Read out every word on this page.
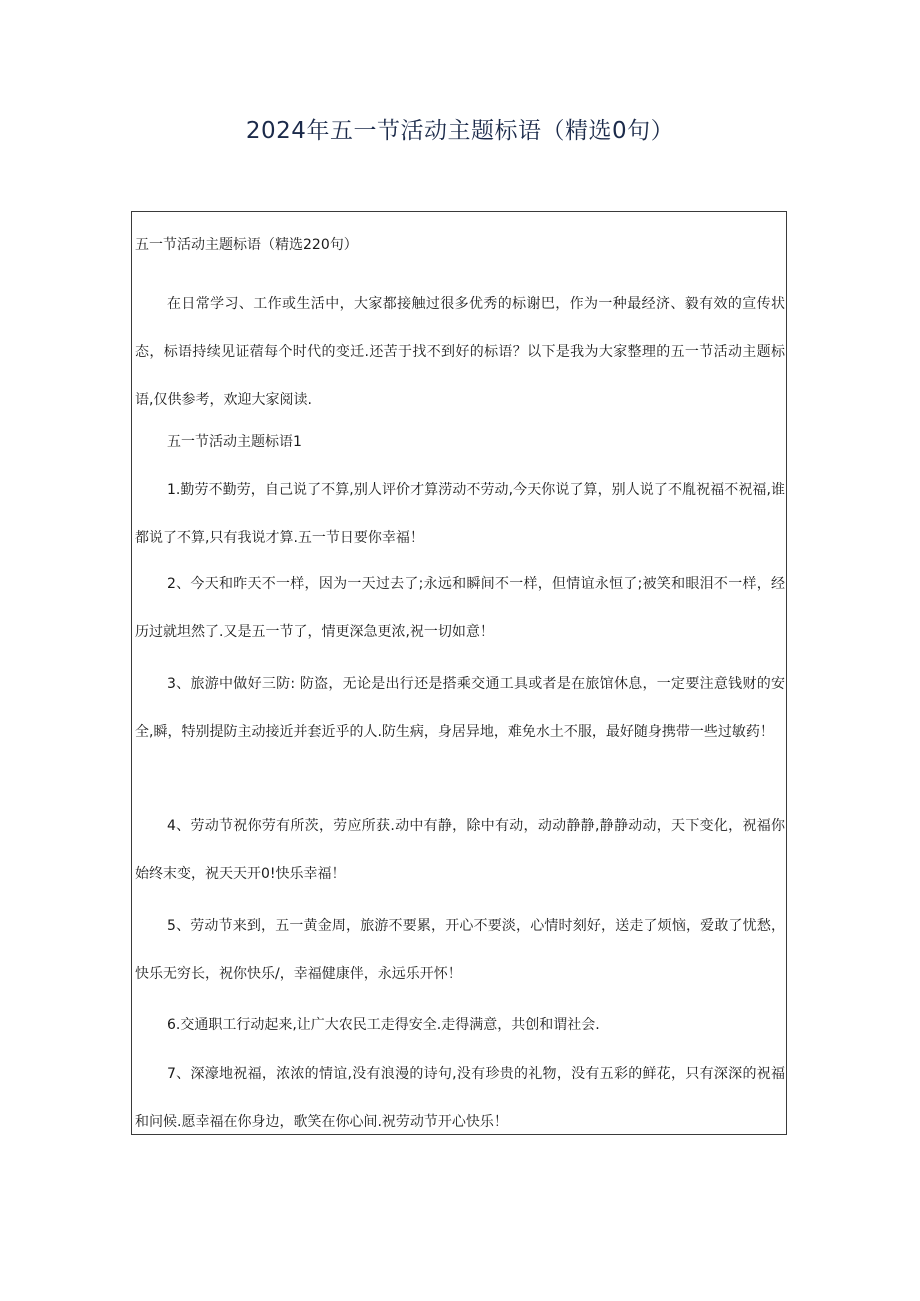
2024年五一节活动主题标语（精选0句）
五一节活动主题标语（精选220句）

在日常学习、工作或生活中，大家都接触过很多优秀的标谢巴，作为一种最经济、毅有效的宣传状态，标语持续见证蓿每个时代的变迁.还苦于找不到好的标语？以下是我为大家整理的五一节活动主题标语,仅供参考，欢迎大家阅读.

五一节活动主题标语1

1.勤劳不勤劳，自己说了不算,别人评价才算涝动不劳动,今天你说了算，别人说了不胤祝福不祝福,谁都说了不算,只有我说才算.五一节日要你幸福！

2、今天和昨天不一样，因为一天过去了;永远和瞬间不一样，但情谊永恒了;被笑和眼泪不一样，经历过就坦然了.又是五一节了，情更深急更浓,祝一切如意！

3、旅游中做好三防: 防盗，无论是出行还是搭乘交通工具或者是在旅馆休息，一定要注意钱财的安全,瞬，特别提防主动接近并套近乎的人.防生病，身居异地，难免水土不服，最好随身携带一些过敏药！

4、劳动节祝你劳有所茨，劳应所获.动中有静，除中有动，动动静静,静静动动，天下变化，祝福你始终末变，祝天天开0!快乐幸福！

5、劳动节来到，五一黄金周，旅游不要累，开心不要淡，心情时刻好，送走了烦恼，爱敢了忧愁，快乐无穷长，祝你快乐/，幸福健康伴，永远乐开怀！

6.交通职工行动起来,让广大农民工走得安全.走得满意，共创和谓社会.

7、深濠地祝福，浓浓的情谊,没有浪漫的诗句,没有珍贵的礼物，没有五彩的鲜花，只有深深的祝福和问候.愿幸福在你身边，歌笑在你心间.祝劳动节开心快乐！
